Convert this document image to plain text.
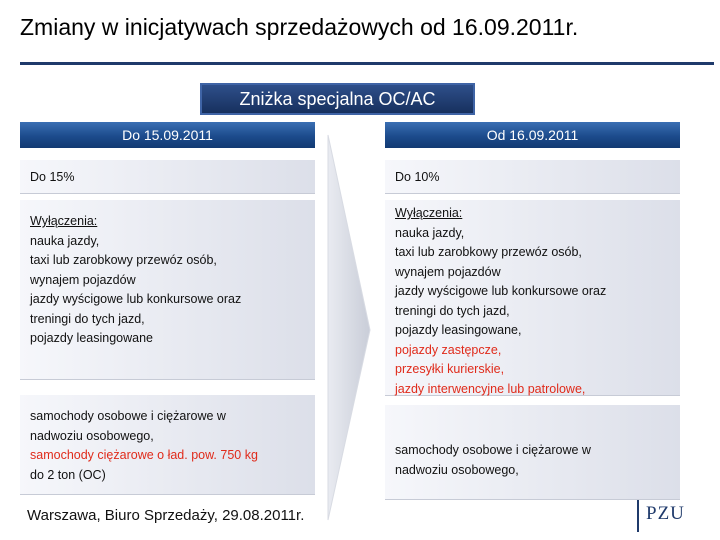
Zmiany w inicjatywach sprzedażowych od 16.09.2011r.
Zniżka specjalna OC/AC
Do 15.09.2011	Od 16.09.2011
Do 15%
Wyłączenia:
nauka jazdy,
taxi lub zarobkowy przewóz osób,
wynajem pojazdów
jazdy wyścigowe lub konkursowe oraz
treningi do tych jazd,
pojazdy leasingowane
samochody osobowe i ciężarowe w
nadwoziu osobowego,
samochody ciężarowe o ład. pow. 750 kg
do 2 ton (OC)
Do 10%
Wyłączenia:
nauka jazdy,
taxi lub zarobkowy przewóz osób,
wynajem pojazdów
jazdy wyścigowe lub konkursowe oraz
treningi do tych jazd,
pojazdy leasingowane,
pojazdy zastępcze,
przesyłki kurierskie,
jazdy interwencyjne lub patrolowe,
samochody osobowe i ciężarowe w
nadwoziu osobowego,
Warszawa, Biuro Sprzedaży, 29.08.2011r.	PZU
